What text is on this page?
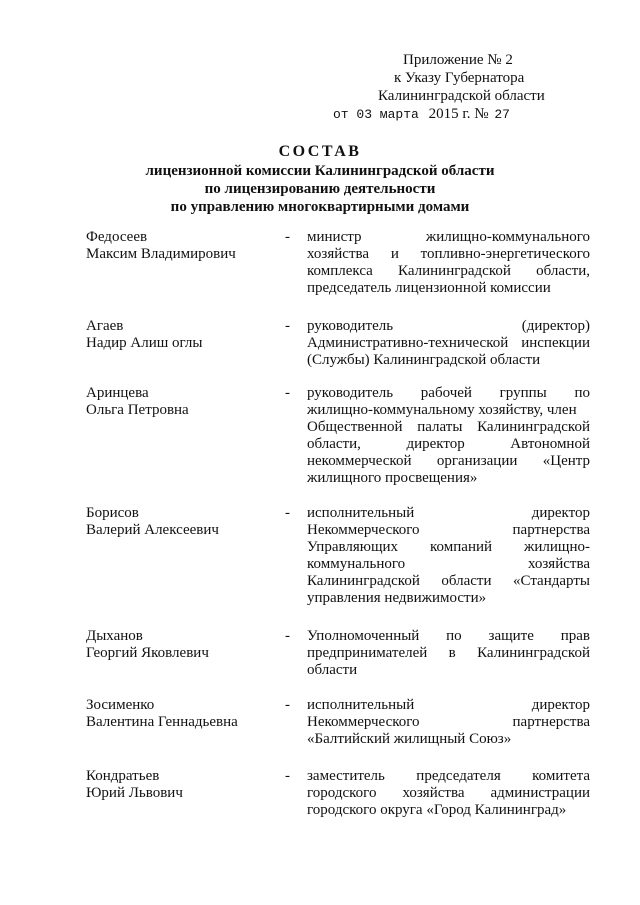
Приложение № 2
к Указу Губернатора
Калининградской области
от 03 марта 2015 г. № 27
СОСТАВ
лицензионной комиссии Калининградской области
по лицензированию деятельности
по управлению многоквартирными домами
Федосеев
Максим Владимирович
- министр	жилищно-коммунального
хозяйства и топливно-энергетического
комплекса Калининградской области,
председатель лицензионной комиссии
Агаев
Надир Алиш оглы
- руководитель	(директор)
Административно-технической инспекции
(Службы) Калининградской области
Аринцева
Ольга Петровна
- руководитель рабочей группы по
жилищно-коммунальному хозяйству, член
Общественной палаты Калининградской
области,	директор	Автономной
некоммерческой организации «Центр
жилищного просвещения»
Борисов
Валерий Алексеевич
- исполнительный	директор
Некоммерческого	партнерства
Управляющих компаний жилищно-
коммунального	хозяйства
Калининградской области «Стандарты
управления недвижимости»
Дыханов
Георгий Яковлевич
- Уполномоченный по защите прав
предпринимателей в Калининградской
области
Зосименко
Валентина Геннадьевна
- исполнительный	директор
Некоммерческого	партнерства
«Балтийский жилищный Союз»
Кондратьев
Юрий Львович
- заместитель председателя комитета
городского хозяйства администрации
городского округа «Город Калининград»
